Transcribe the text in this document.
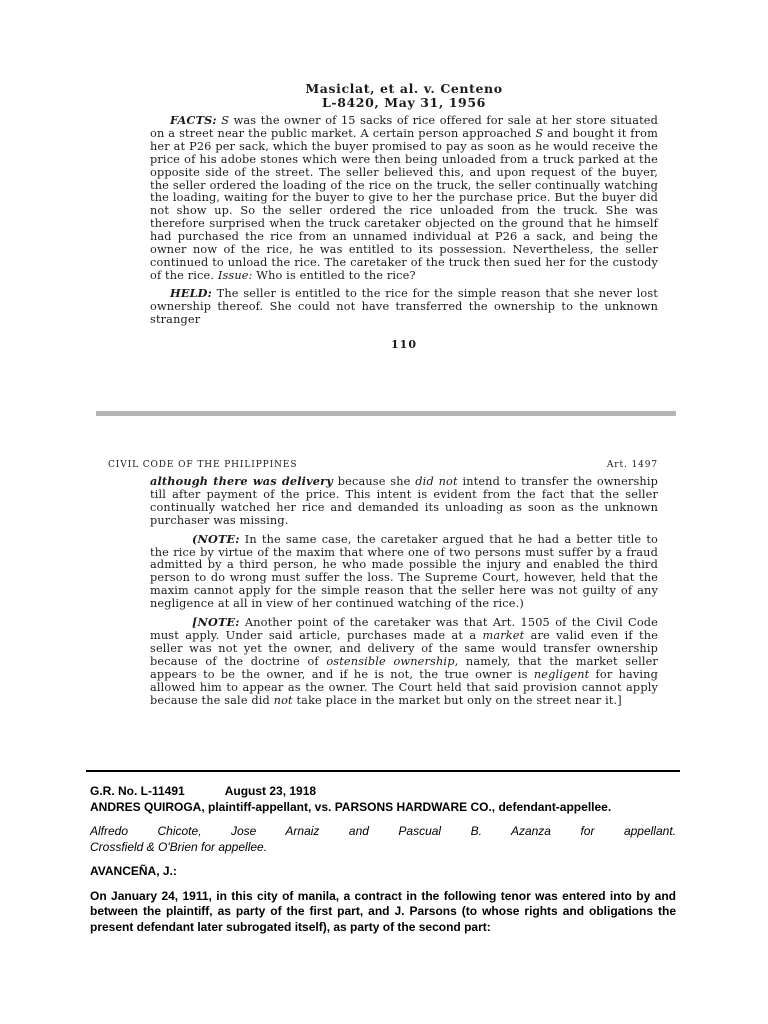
Masiclat, et al. v. Centeno
L-8420, May 31, 1956

FACTS: S was the owner of 15 sacks of rice offered for sale at her store situated on a street near the public market. A certain person approached S and bought it from her at P26 per sack, which the buyer promised to pay as soon as he would receive the price of his adobe stones which were then being unloaded from a truck parked at the opposite side of the street. The seller believed this, and upon request of the buyer, the seller ordered the loading of the rice on the truck, the seller continually watching the loading, waiting for the buyer to give to her the purchase price. But the buyer did not show up. So the seller ordered the rice unloaded from the truck. She was therefore surprised when the truck caretaker objected on the ground that he himself had purchased the rice from an unnamed individual at P26 a sack, and being the owner now of the rice, he was entitled to its possession. Nevertheless, the seller continued to unload the rice. The caretaker of the truck then sued her for the custody of the rice. Issue: Who is entitled to the rice?

HELD: The seller is entitled to the rice for the simple reason that she never lost ownership thereof. She could not have transferred the ownership to the unknown stranger

110
CIVIL CODE OF THE PHILIPPINES	Art. 1497

although there was delivery because she did not intend to transfer the ownership till after payment of the price. This intent is evident from the fact that the seller continually watched her rice and demanded its unloading as soon as the unknown purchaser was missing.

(NOTE: In the same case, the caretaker argued that he had a better title to the rice by virtue of the maxim that where one of two persons must suffer by a fraud admitted by a third person, he who made possible the injury and enabled the third person to do wrong must suffer the loss. The Supreme Court, however, held that the maxim cannot apply for the simple reason that the seller here was not guilty of any negligence at all in view of her continued watching of the rice.)

[NOTE: Another point of the caretaker was that Art. 1505 of the Civil Code must apply. Under said article, purchases made at a market are valid even if the seller was not yet the owner, and delivery of the same would transfer ownership because of the doctrine of ostensible ownership, namely, that the market seller appears to be the owner, and if he is not, the true owner is negligent for having allowed him to appear as the owner. The Court held that said provision cannot apply because the sale did not take place in the market but only on the street near it.]

G.R. No. L-11491	August 23, 1918
ANDRES QUIROGA, plaintiff-appellant, vs. PARSONS HARDWARE CO., defendant-appellee.

Alfredo Chicote, Jose Arnaiz and Pascual B. Azanza for appellant.

Crossfield & O'Brien for appellee.

AVANCEÑA, J.:

On January 24, 1911, in this city of manila, a contract in the following tenor was entered into by and between the plaintiff, as party of the first part, and J. Parsons (to whose rights and obligations the present defendant later subrogated itself), as party of the second part:
